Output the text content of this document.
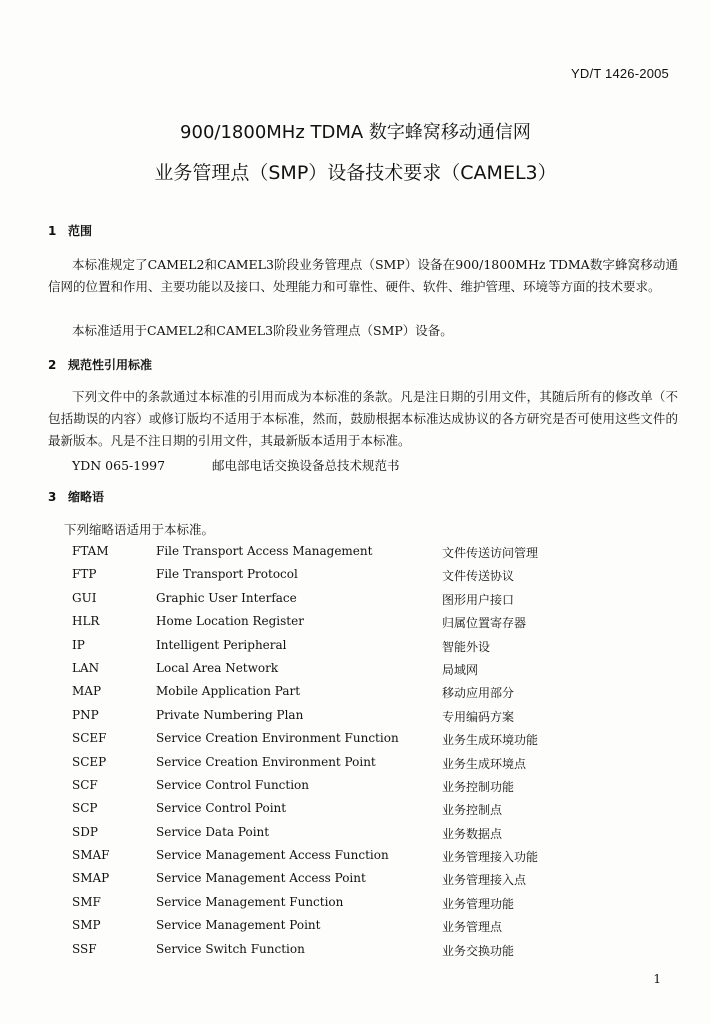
YD/T 1426-2005
900/1800MHz TDMA 数字蜂窝移动通信网
业务管理点（SMP）设备技术要求（CAMEL3）
1 范围

本标准规定了CAMEL2和CAMEL3阶段业务管理点（SMP）设备在900/1800MHz TDMA数字蜂窝移动通信网的位置和作用、主要功能以及接口、处理能力和可靠性、硬件、软件、维护管理、环境等方面的技术要求。

本标准适用于CAMEL2和CAMEL3阶段业务管理点（SMP）设备。

2 规范性引用标准

下列文件中的条款通过本标准的引用而成为本标准的条款。凡是注日期的引用文件，其随后所有的修改单（不包括勘误的内容）或修订版均不适用于本标准，然而，鼓励根据本标准达成协议的各方研究是否可使用这些文件的最新版本。凡是不注日期的引用文件，其最新版本适用于本标准。

YDN 065-1997	邮电部电话交换设备总技术规范书
3 缩略语
下列缩略语适用于本标准。
FTAM	File Transport Access Management	文件传送访问管理
FTP	File Transport Protocol	文件传送协议
GUI	Graphic User Interface	图形用户接口
HLR	Home Location Register	归属位置寄存器
IP	Intelligent Peripheral	智能外设
LAN	Local Area Network	局域网
MAP	Mobile Application Part	移动应用部分
PNP	Private Numbering Plan	专用编码方案
SCEF	Service Creation Environment Function	业务生成环境功能
SCEP	Service Creation Environment Point	业务生成环境点
SCF	Service Control Function	业务控制功能
SCP	Service Control Point	业务控制点
SDP	Service Data Point	业务数据点
SMAF	Service Management Access Function	业务管理接入功能
SMAP	Service Management Access Point	业务管理接入点
SMF	Service Management Function	业务管理功能
SMP	Service Management Point	业务管理点
SSF	Service Switch Function	业务交换功能
1
